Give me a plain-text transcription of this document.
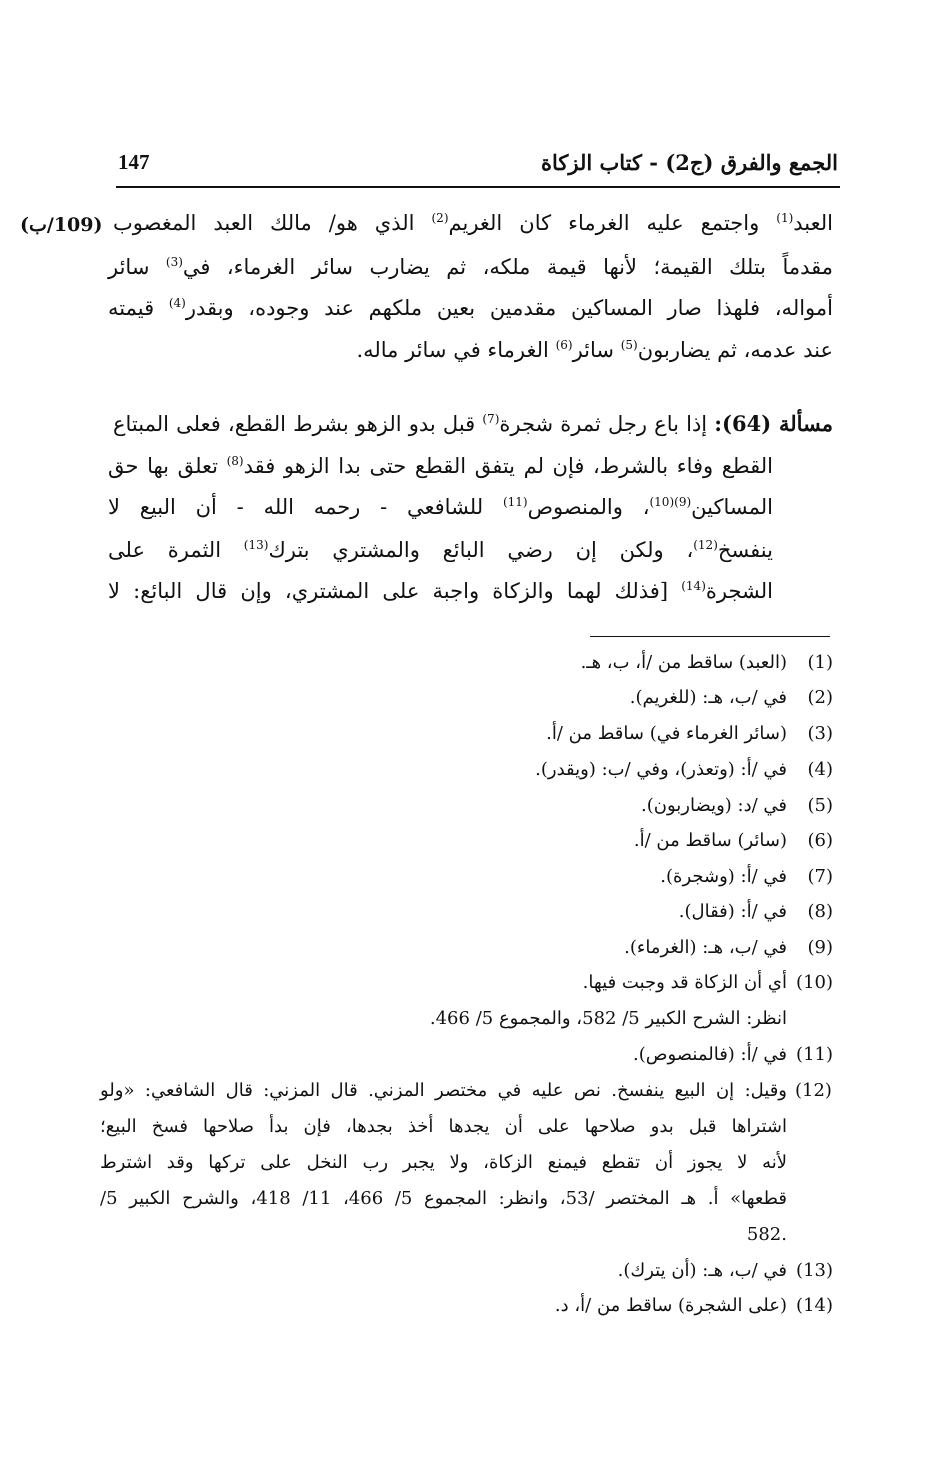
الجمع والفرق (ج2) - كتاب الزكاة
147
العبد$^{(1)}$ واجتمع عليه الغرماء كان الغريم$^{(2)}$ الذي هو/ مالك العبد المغصوب
(109/ب)
مقدماً بتلك القيمة؛ لأنها قيمة ملكه، ثم يضارب سائر الغرماء، في$^{(3)}$ سائر
أمواله، فلهذا صار المساكين مقدمين بعين ملكهم عند وجوده، وبقدر$^{(4)}$ قيمته
عند عدمه، ثم يضاربون$^{(5)}$ سائر$^{(6)}$ الغرماء في سائر ماله.
مسألة (64): إذا باع رجل ثمرة شجرة$^{(7)}$ قبل بدو الزهو بشرط القطع، فعلى المبتاع
القطع وفاء بالشرط، فإن لم يتفق القطع حتى بدا الزهو فقد$^{(8)}$ تعلق بها حق
المساكين$^{(9)(10)}$، والمنصوص$^{(11)}$ للشافعي - رحمه الله - أن البيع لا
ينفسخ$^{(12)}$، ولكن إن رضي البائع والمشتري بترك$^{(13)}$ الثمرة على
الشجرة$^{(14)}$ [فذلك لهما والزكاة واجبة على المشتري، وإن قال البائع: لا
(1)(العبد) ساقط من /أ، ب، هـ.
(2)في /ب، هـ: (للغريم).
(3)(سائر الغرماء في) ساقط من /أ.
(4)في /أ: (وتعذر)، وفي /ب: (ويقدر).
(5)في /د: (ويضاربون).
(6)(سائر) ساقط من /أ.
(7)في /أ: (وشجرة).
(8)في /أ: (فقال).
(9)في /ب، هـ: (الغرماء).
(10)أي أن الزكاة قد وجبت فيها.
انظر: الشرح الكبير 5/ 582، والمجموع 5/ 466.
(11)في /أ: (فالمنصوص).
(12)وقيل: إن البيع ينفسخ. نص عليه في مختصر المزني. قال المزني: قال الشافعي: «ولو
اشتراها قبل بدو صلاحها على أن يجدها أخذ بجدها، فإن بدأ صلاحها فسخ البيع؛
لأنه لا يجوز أن تقطع فيمنع الزكاة، ولا يجبر رب النخل على تركها وقد اشترط
قطعها» أ. هـ المختصر /53، وانظر: المجموع 5/ 466، 11/ 418، والشرح الكبير 5/
.582
(13)في /ب، هـ: (أن يترك).
(14)(على الشجرة) ساقط من /أ، د.
